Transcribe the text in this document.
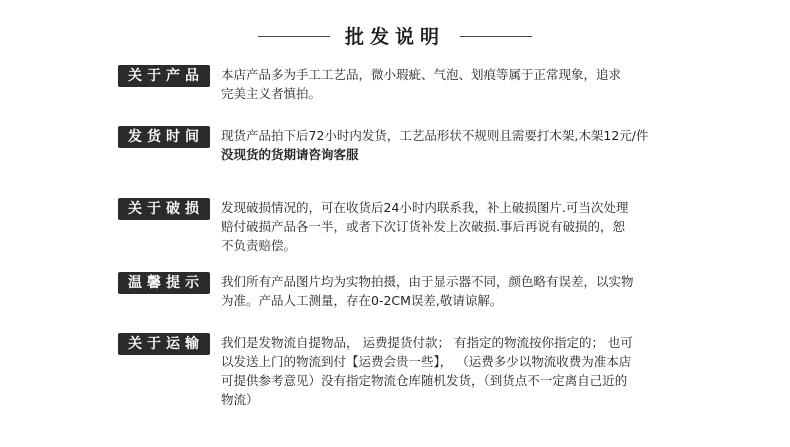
批发说明
关于产品	本店产品多为手工工艺品，微小瑕疵、气泡、划痕等属于正常现象，追求
完美主义者慎拍。
发货时间	现货产品拍下后72小时内发货，工艺品形状不规则且需要打木架,木架12元/件
没现货的货期请咨询客服
关于破损	发现破损情况的，可在收货后24小时内联系我，补上破损图片.可当次处理
赔付破损产品各一半，或者下次订货补发上次破损.事后再说有破损的，恕
不负责赔偿。
温馨提示	我们所有产品图片均为实物拍摄，由于显示器不同，颜色略有误差，以实物
为准。产品人工测量，存在0-2CM误差,敬请谅解。
关于运输	我们是发物流自提物品， 运费提货付款； 有指定的物流按你指定的； 也可
以发送上门的物流到付【运费会贵一些】， （运费多少以物流收费为准本店
可提供参考意见）没有指定物流仓库随机发货，（到货点不一定离自己近的
物流）
